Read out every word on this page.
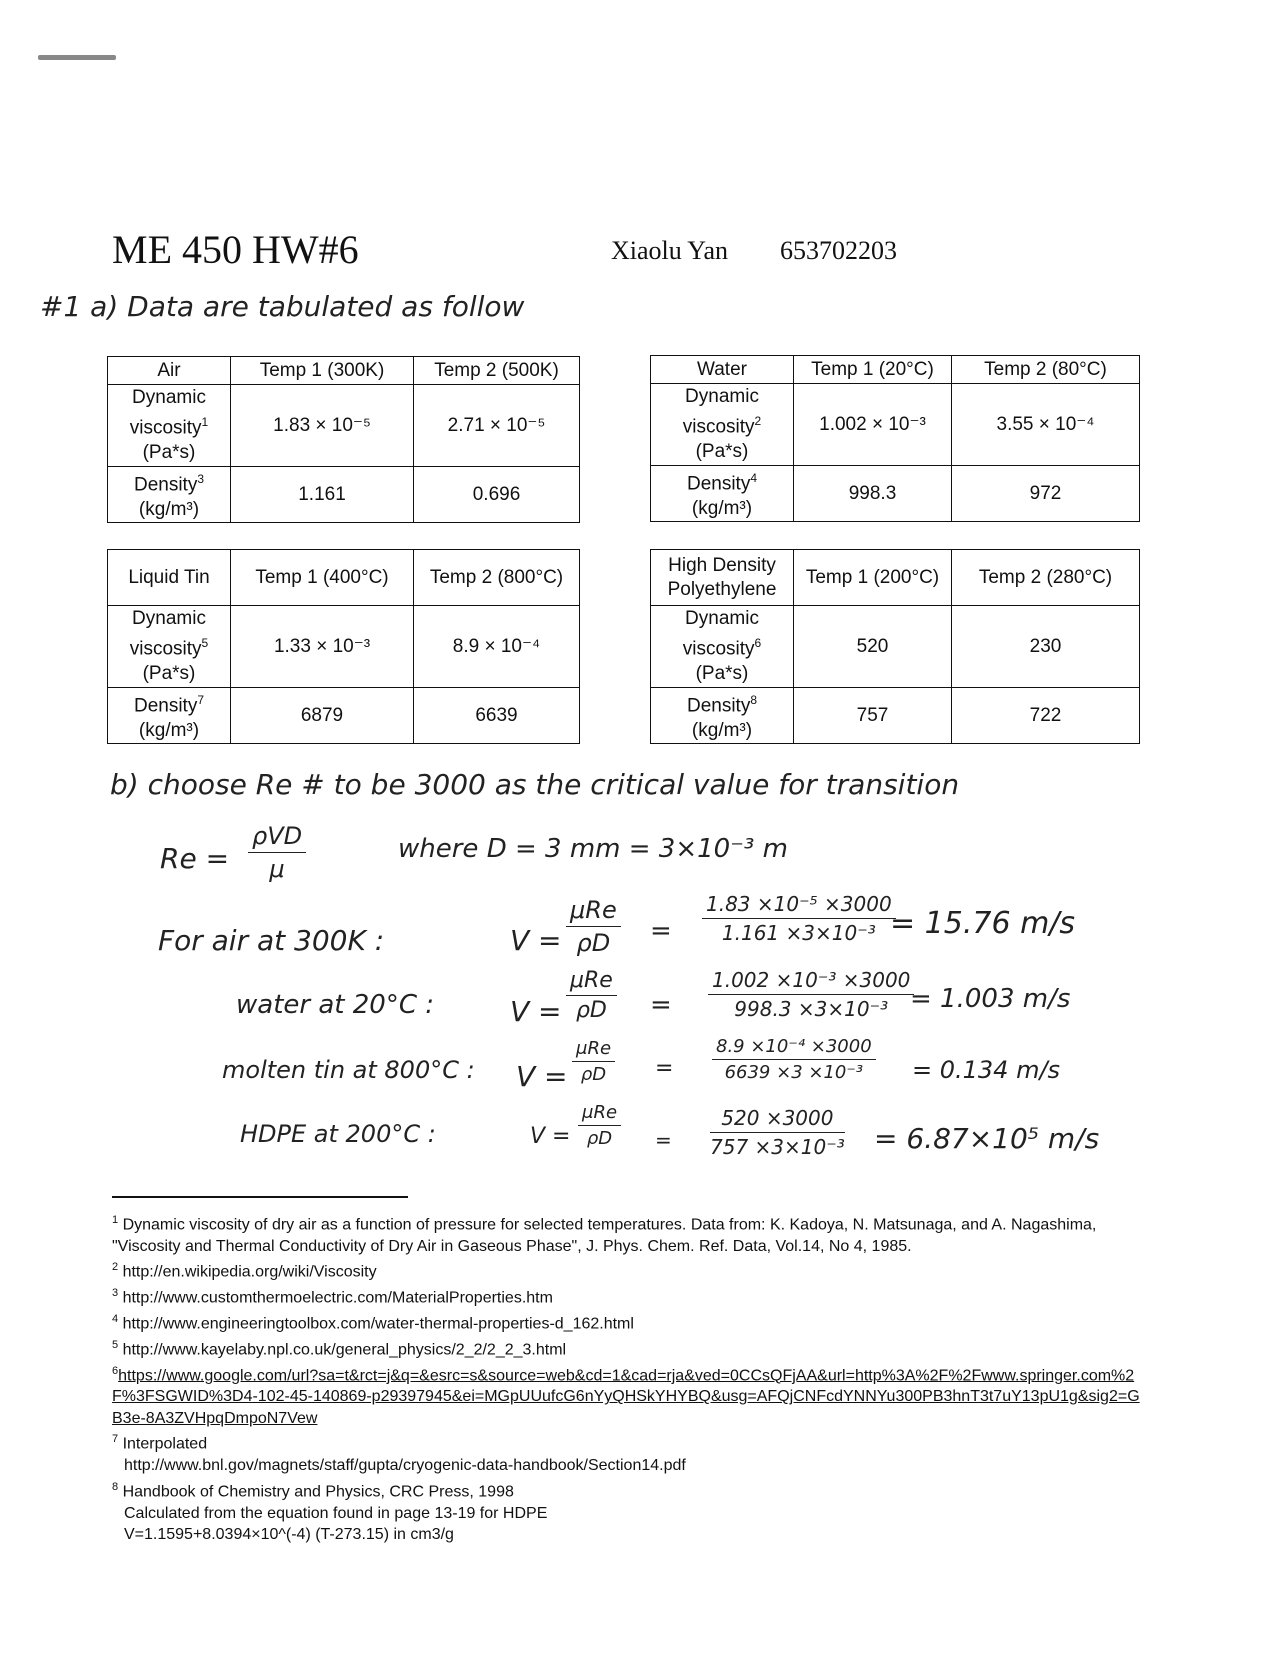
ME 450 HW#6	Xiaolu Yan 653702203
#1 a) Data are tabulated as follow
Air	Temp 1 (300K)	Temp 2 (500K)
Dynamic viscosity$^1$
(Pa*s)	1.83 × 10⁻⁵	2.71 × 10⁻⁵
Density$^3$
(kg/m³)	1.161	0.696
Water	Temp 1 (20°C)	Temp 2 (80°C)
Dynamic viscosity$^2$
(Pa*s)	1.002 × 10⁻³	3.55 × 10⁻⁴
Density$^4$
(kg/m³)	998.3	972
Liquid Tin	Temp 1 (400°C)	Temp 2 (800°C)
Dynamic viscosity$^5$
(Pa*s)	1.33 × 10⁻³	8.9 × 10⁻⁴
Density$^7$
(kg/m³)	6879	6639
High Density Polyethylene	Temp 1 (200°C)	Temp 2 (280°C)
Dynamic viscosity$^6$
(Pa*s)	520	230
Density$^8$
(kg/m³)	757	722
b) choose Re # to be 3000 as the critical value for transition
Re =
ρVD
μ
where D = 3 mm = 3×10⁻³ m
For air at 300K :	V =
μRe
ρD	= $\frac{\text{1.83 ×10⁻⁵ ×3000}}{\text{1.161 ×3×10⁻³}}$
= 15.76 m/s
water at 20°C :	V =
μRe
ρD	= $\frac{\text{1.002 ×10⁻³ ×3000}}{\text{998.3 ×3×10⁻³}}$
= 1.003 m/s
molten tin at 800°C : V =
μRe
ρD	= $\frac{\text{8.9 ×10⁻⁴ ×3000}}{\text{6639 ×3 ×10⁻³}} = 0.134$ m/s
HDPE at 200°C :	V =
μRe
ρD	= $\frac{520 \times 3000}{\text{757 ×3×10⁻³}} = 6.87\times 10^5$ m/s
$^1$ Dynamic viscosity of dry air as a function of pressure for selected temperatures. Data from: K. Kadoya, N. Matsunaga, and A. Nagashima, "Viscosity and Thermal Conductivity of Dry Air in Gaseous Phase", J. Phys. Chem. Ref. Data, Vol.14, No 4, 1985.
$^2$ http://en.wikipedia.org/wiki/Viscosity
$^3$ http://www.customthermoelectric.com/MaterialProperties.htm
$^4$ http://www.engineeringtoolbox.com/water-thermal-properties-d_162.html
$^5$ http://www.kayelaby.npl.co.uk/general_physics/2_2/2_2_3.html
$^6$https://www.google.com/url?sa=t&rct=j&q=&esrc=s&source=web&cd=1&cad=rja&ved=0CCsQFjAA&url=http%3A%2F%2Fwww.springer.com%2F%3FSGWID%3D4-102-45-140869-p29397945&ei=MGpUUufcG6nYyQHSkYHYBQ&usg=AFQjCNFcdYNNYu300PB3hnT3t7uY13pU1g&sig2=GB3e-8A3ZVHpqDmpoN7Vew
$^7$ Interpolated
http://www.bnl.gov/magnets/staff/gupta/cryogenic-data-handbook/Section14.pdf
$^8$ Handbook of Chemistry and Physics, CRC Press, 1998
Calculated from the equation found in page 13-19 for HDPE
V=1.1595+8.0394×10^(-4) (T-273.15) in cm3/g
